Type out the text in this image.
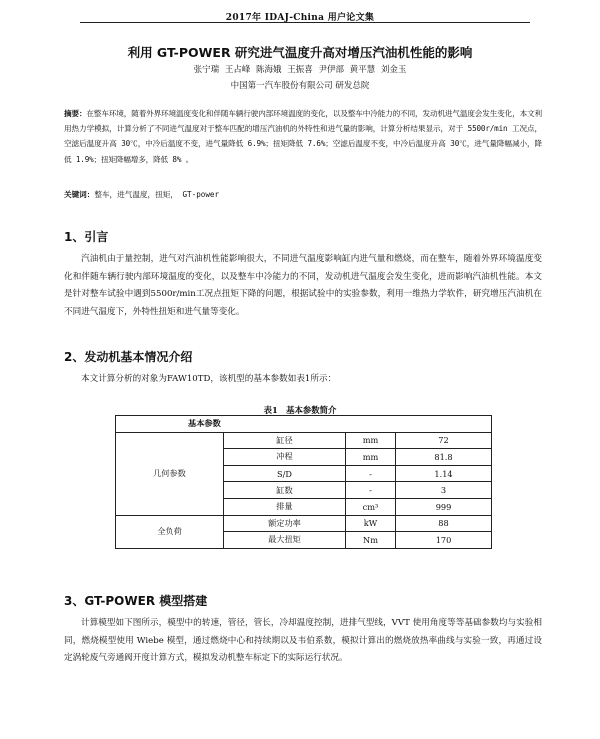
2017年 IDAJ-China 用户论文集
利用 GT-POWER 研究进气温度升高对增压汽油机性能的影响
张宁瑞 王占峰 陈海娥 王振喜 尹伊部 黄平慧 刘金玉
中国第一汽车股份有限公司 研发总院
摘要：在整车环境，随着外界环境温度变化和伴随车辆行驶内部环境温度的变化，以及整车中冷能力的不同，发动机进气温度会发生变化，本文利用热力学模拟，计算分析了不同进气温度对于整车匹配的增压汽油机的外特性和进气量的影响，计算分析结果显示，对于 5500r/min 工况点，空滤后温度升高 30℃，中冷后温度不变，进气量降低 6.9%；扭矩降低 7.6%；空滤后温度不变，中冷后温度升高 30℃，进气量降幅减小，降低 1.9%；扭矩降幅增多，降低 8% 。
关键词：整车，进气温度，扭矩， GT-power
1、引言
汽油机由于量控制，进气对汽油机性能影响很大，不同进气温度影响缸内进气量和燃烧，而在整车，随着外界环境温度变化和伴随车辆行驶内部环境温度的变化，以及整车中冷能力的不同，发动机进气温度会发生变化，进而影响汽油机性能。本文是针对整车试验中遇到5500r/min工况点扭矩下降的问题，根据试验中的实验参数，利用一维热力学软件，研究增压汽油机在不同进气温度下，外特性扭矩和进气量等变化。
2、发动机基本情况介绍
本文计算分析的对象为FAW10TD，该机型的基本参数如表1所示：
表1　基本参数简介
基本参数			
几何参数	缸径	mm	72
	冲程	mm	81.8
	S/D	-	1.14
	缸数	-	3
	排量	cm³	999
全负荷	额定功率	kW	88
	最大扭矩	Nm	170
3、GT-POWER 模型搭建
计算模型如下图所示，模型中的转速，管径，管长，冷却温度控制，进排气型线，VVT 使用角度等等基础参数均与实验相同，燃烧模型使用 Wiebe 模型，通过燃烧中心和持续期以及韦伯系数，模拟计算出的燃烧放热率曲线与实验一致，再通过设定涡轮废气旁通阀开度计算方式，模拟发动机整车标定下的实际运行状况。
